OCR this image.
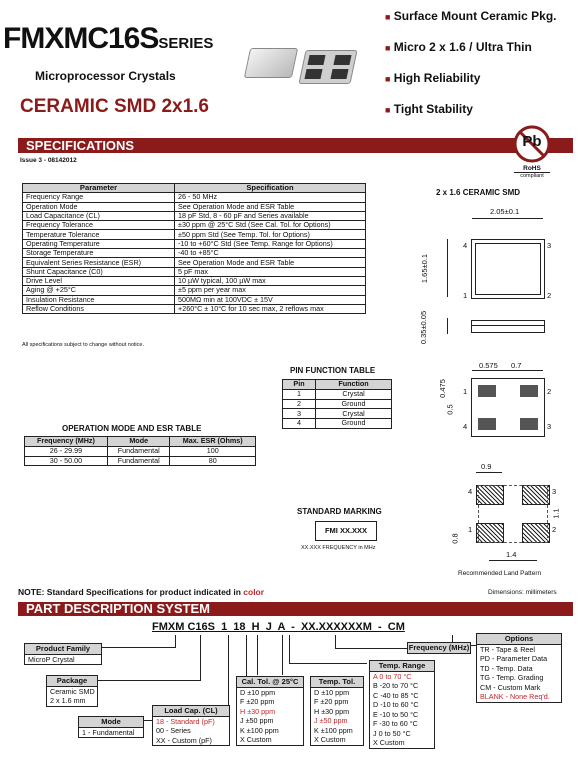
FMXMC16SSERIES
Microprocessor Crystals
CERAMIC SMD 2x1.6
■ Surface Mount Ceramic Pkg.
■ Micro 2 x 1.6 / Ultra Thin
■ High Reliability
■ Tight Stability
SPECIFICATIONS
Issue 3 - 08142012
Pb
RoHS
compliant
Parameter	Specification
Frequency Range	26 - 50 MHz
Operation Mode	See Operation Mode and ESR Table
Load Capacitance (CL)	18 pF Std, 8 - 60 pF and Series available
Frequency Tolerance	±30 ppm @ 25°C Std (See Cal. Tol. for Options)
Temperature Tolerance	±50 ppm Std (See Temp. Tol. for Options)
Operating Temperature	-10 to +60°C Std (See Temp. Range for Options)
Storage Temperature	-40 to +85°C
Equivalent Series Resistance (ESR)	See Operation Mode and ESR Table
Shunt Capacitance (C0)	5 pF max
Drive Level	10 µW typical, 100 µW max
Aging @ +25°C	±5 ppm per year max
Insulation Resistance	500MΩ min at 100VDC ± 15V
Reflow Conditions	+260°C ± 10°C for 10 sec max, 2 reflows max
All specifications subject to change without notice.
PIN FUNCTION TABLE
Pin	Function
1	Crystal
2	Ground
3	Crystal
4	Ground
OPERATION MODE AND ESR TABLE
Frequency (MHz)	Mode	Max. ESR (Ohms)
26 - 29.99	Fundamental	100
30 - 50.00	Fundamental	80
2 x 1.6 CERAMIC SMD
2.05±0.1
4	3
1	2
1.65±0.1
0.35±0.05
0.575 0.7
1	2
4	3
0.475
0.5
0.9
4	3
1	2
1.1
0.8
1.4
Recommended Land Pattern
Dimensions: millimeters
STANDARD MARKING
FMI XX.XXX
XX.XXX FREQUENCY in MHz
NOTE: Standard Specifications for product indicated in color
PART DESCRIPTION SYSTEM
FMXM C16S  1  18  H  J  A  -  XX.XXXXXXM  -  CM
Product Family
MicroP Crystal
Package
Ceramic SMD
2 x 1.6 mm
Mode
1 - Fundamental
Load Cap. (CL)
18 - Standard (pF)
00 - Series
XX - Custom (pF)
Cal. Tol. @ 25°C
D ±10 ppm
F ±20 ppm
H ±30 ppm
J ±50 ppm
K ±100 ppm
X Custom
Temp. Tol.
D ±10 ppm
F ±20 ppm
H ±30 ppm
J ±50 ppm
K ±100 ppm
X Custom
Temp. Range
A 0 to 70 °C
B -20 to 70 °C
C -40 to 85 °C
D -10 to 60 °C
E -10 to 50 °C
F -30 to 60 °C
J 0 to 50 °C
X Custom
Frequency (MHz)
Options
TR - Tape & Reel
PD - Parameter Data
TD - Temp. Data
TG - Temp. Grading
CM - Custom Mark
BLANK - None Req'd.
